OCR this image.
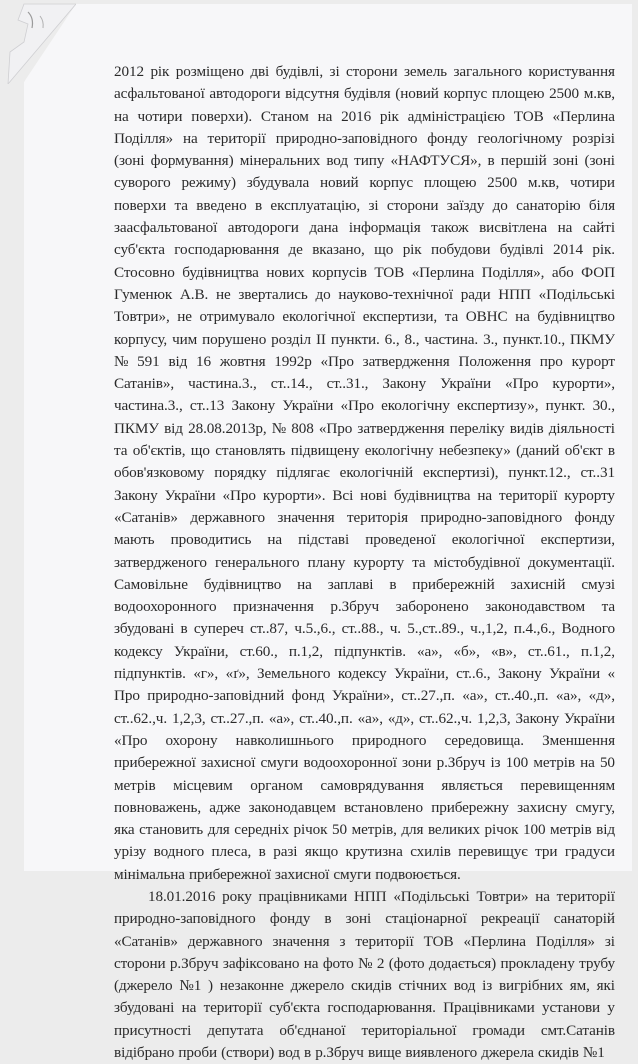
2012 рік розміщено дві будівлі, зі сторони земель загального користування
асфальтованої автодороги відсутня будівля (новий корпус площею 2500 м.кв,
на чотири поверхи). Станом на 2016 рік адміністрацією ТОВ «Перлина
Поділля» на території природно-заповідного фонду геологічному розрізі
(зоні формування) мінеральних вод типу «НАФТУСЯ», в першій зоні (зоні
суворого режиму) збудувала новий корпус площею 2500 м.кв, чотири
поверхи та введено в експлуатацію, зі сторони заїзду до санаторію біля
заасфальтованої автодороги дана інформація також висвітлена на сайті
суб'єкта господарювання де вказано, що рік побудови будівлі 2014 рік.
Стосовно будівництва нових корпусів ТОВ «Перлина Поділля», або ФОП
Гуменюк А.В. не звертались до науково-технічної ради НПП «Подільські
Товтри», не отримувало екологічної експертизи, та ОВНС на будівництво
корпусу, чим порушено розділ II пункти. 6., 8., частина. 3., пункт.10., ПКМУ
№ 591 від 16 жовтня 1992р «Про затвердження Положення про курорт
Сатанів», частина.3., ст..14., ст..31., Закону України «Про курорти»,
частина.3., ст..13 Закону України «Про екологічну експертизу», пункт. 30.,
ПКМУ від 28.08.2013р, № 808 «Про затвердження переліку видів діяльності
та об'єктів, що становлять підвищену екологічну небезпеку» (даний об'єкт в
обов'язковому порядку підлягає екологічній експертизі), пункт.12., ст..31
Закону України «Про курорти». Всі нові будівництва на території курорту
«Сатанів» державного значення територія природно-заповідного фонду
мають проводитись на підставі проведеної екологічної експертизи,
затвердженого генерального плану курорту та містобудівної документації.
Самовільне будівництво на заплаві в прибережній захисній смузі
водоохоронного призначення р.Збруч заборонено законодавством та
збудовані в супереч ст..87, ч.5.,6., ст..88., ч. 5.,ст..89., ч.,1,2, п.4.,6., Водного
кодексу України, ст.60., п.1,2, підпунктів. «а», «б», «в», ст..61., п.1,2,
підпунктів. «г», «ґ», Земельного кодексу України, ст..6., Закону України «
Про природно-заповідний фонд України», ст..27.,п. «а», ст..40.,п. «а», «д»,
ст..62.,ч. 1,2,3, ст..27.,п. «а», ст..40.,п. «а», «д», ст..62.,ч. 1,2,3, Закону України
«Про охорону навколишнього природного середовища. Зменшення
прибережної захисної смуги водоохоронної зони р.Збруч із 100 метрів на 50
метрів місцевим органом самоврядування являється перевищенням
повноважень, адже законодавцем встановлено прибережну захисну смугу,
яка становить для середніх річок 50 метрів, для великих річок 100 метрів від
урізу водного плеса, в разі якщо крутизна схилів перевищує три градуси
мінімальна прибережної захисної смуги подвоюється.
18.01.2016 року працівниками НПП «Подільські Товтри» на території
природно-заповідного фонду в зоні стаціонарної рекреації санаторій
«Сатанів» державного значення з території ТОВ «Перлина Поділля» зі
сторони р.Збруч зафіксовано на фото № 2 (фото додається) прокладену трубу
(джерело №1 ) незаконне джерело скидів стічних вод із вигрібних ям, які
збудовані на території суб'єкта господарювання. Працівниками установи у
присутності депутата об'єднаної територіальної громади смт.Сатанів
відібрано проби (створи) вод в р.Збруч вище виявленого джерела скидів №1
